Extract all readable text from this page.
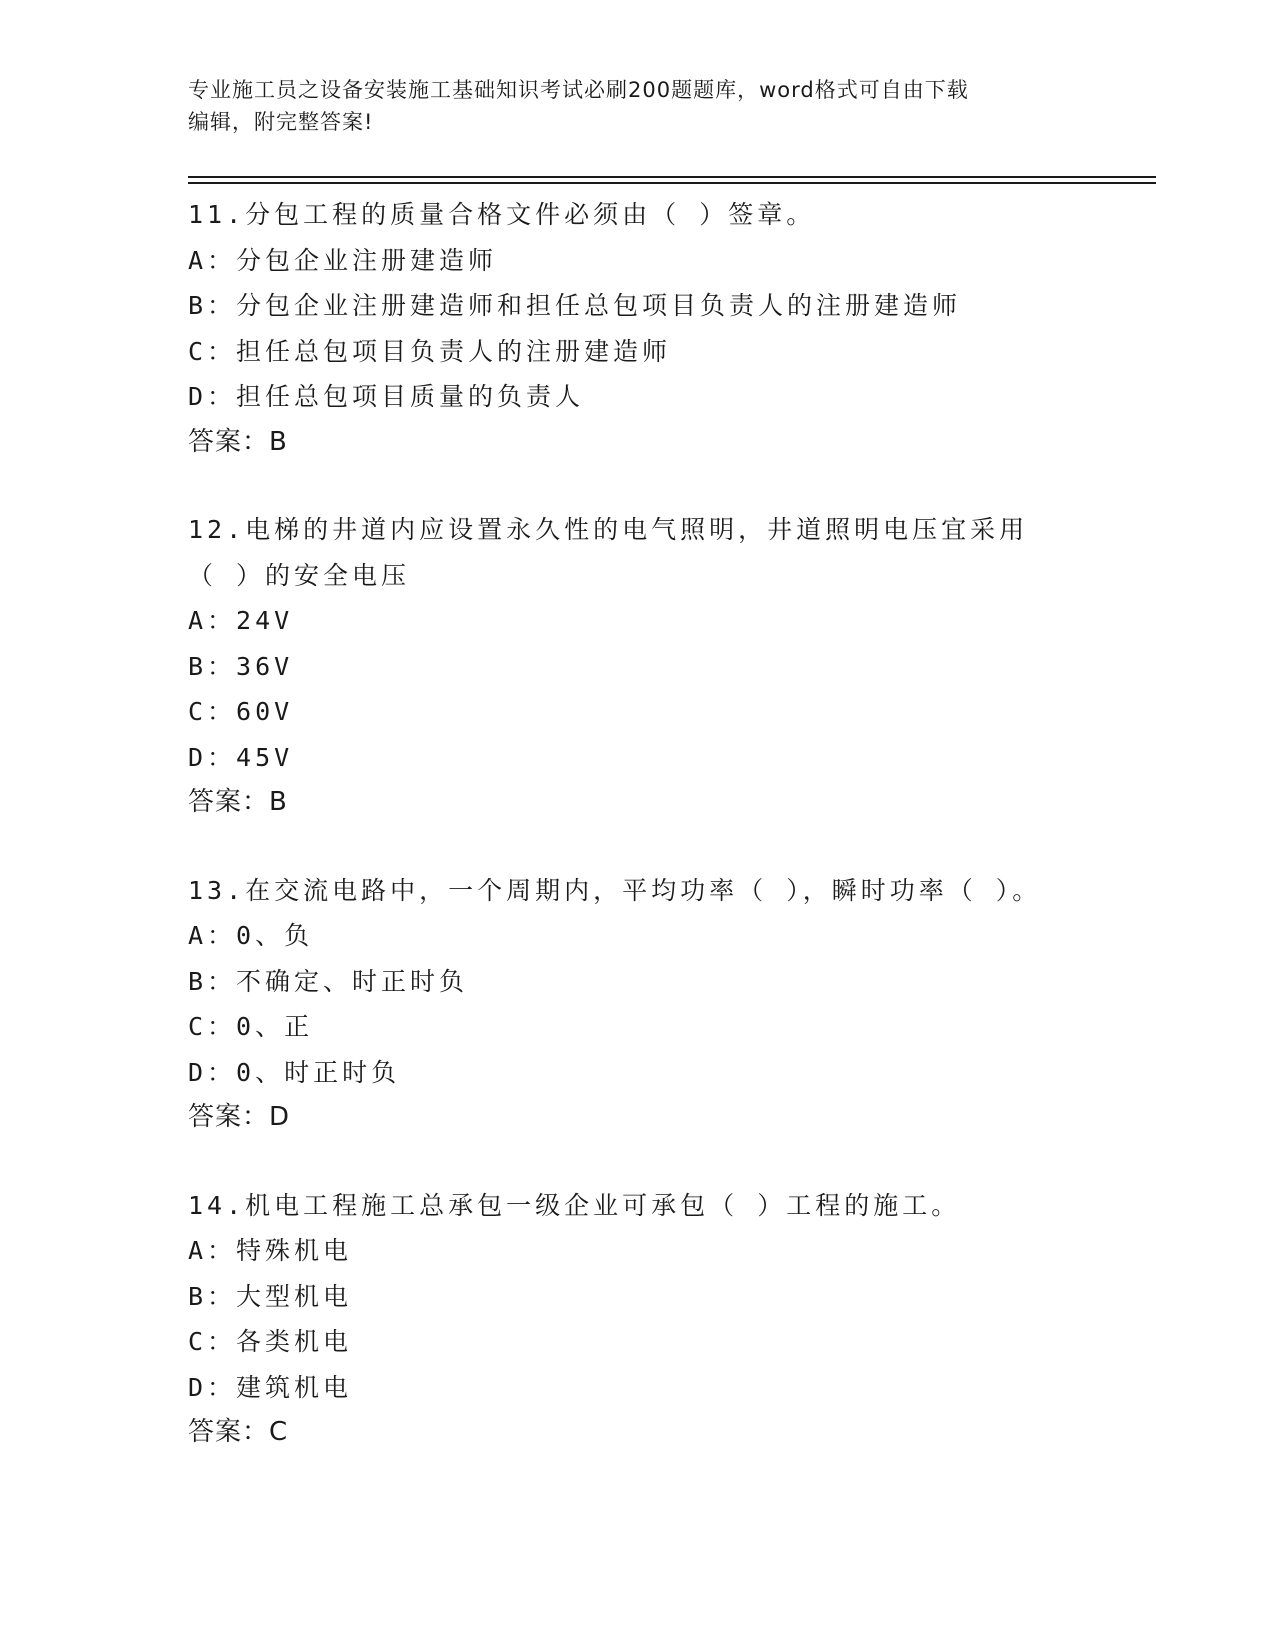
专业施工员之设备安装施工基础知识考试必刷200题题库，word格式可自由下载
编辑，附完整答案!
11.分包工程的质量合格文件必须由（ ）签章。
A：分包企业注册建造师
B：分包企业注册建造师和担任总包项目负责人的注册建造师
C：担任总包项目负责人的注册建造师
D：担任总包项目质量的负责人
答案：B
12.电梯的井道内应设置永久性的电气照明，井道照明电压宜采用（ ）的安全电压
A：24V
B：36V
C：60V
D：45V
答案：B
13.在交流电路中，一个周期内，平均功率（ ），瞬时功率（ ）。
A：0、负
B：不确定、时正时负
C：0、正
D：0、时正时负
答案：D
14.机电工程施工总承包一级企业可承包（ ）工程的施工。
A：特殊机电
B：大型机电
C：各类机电
D：建筑机电
答案：C
